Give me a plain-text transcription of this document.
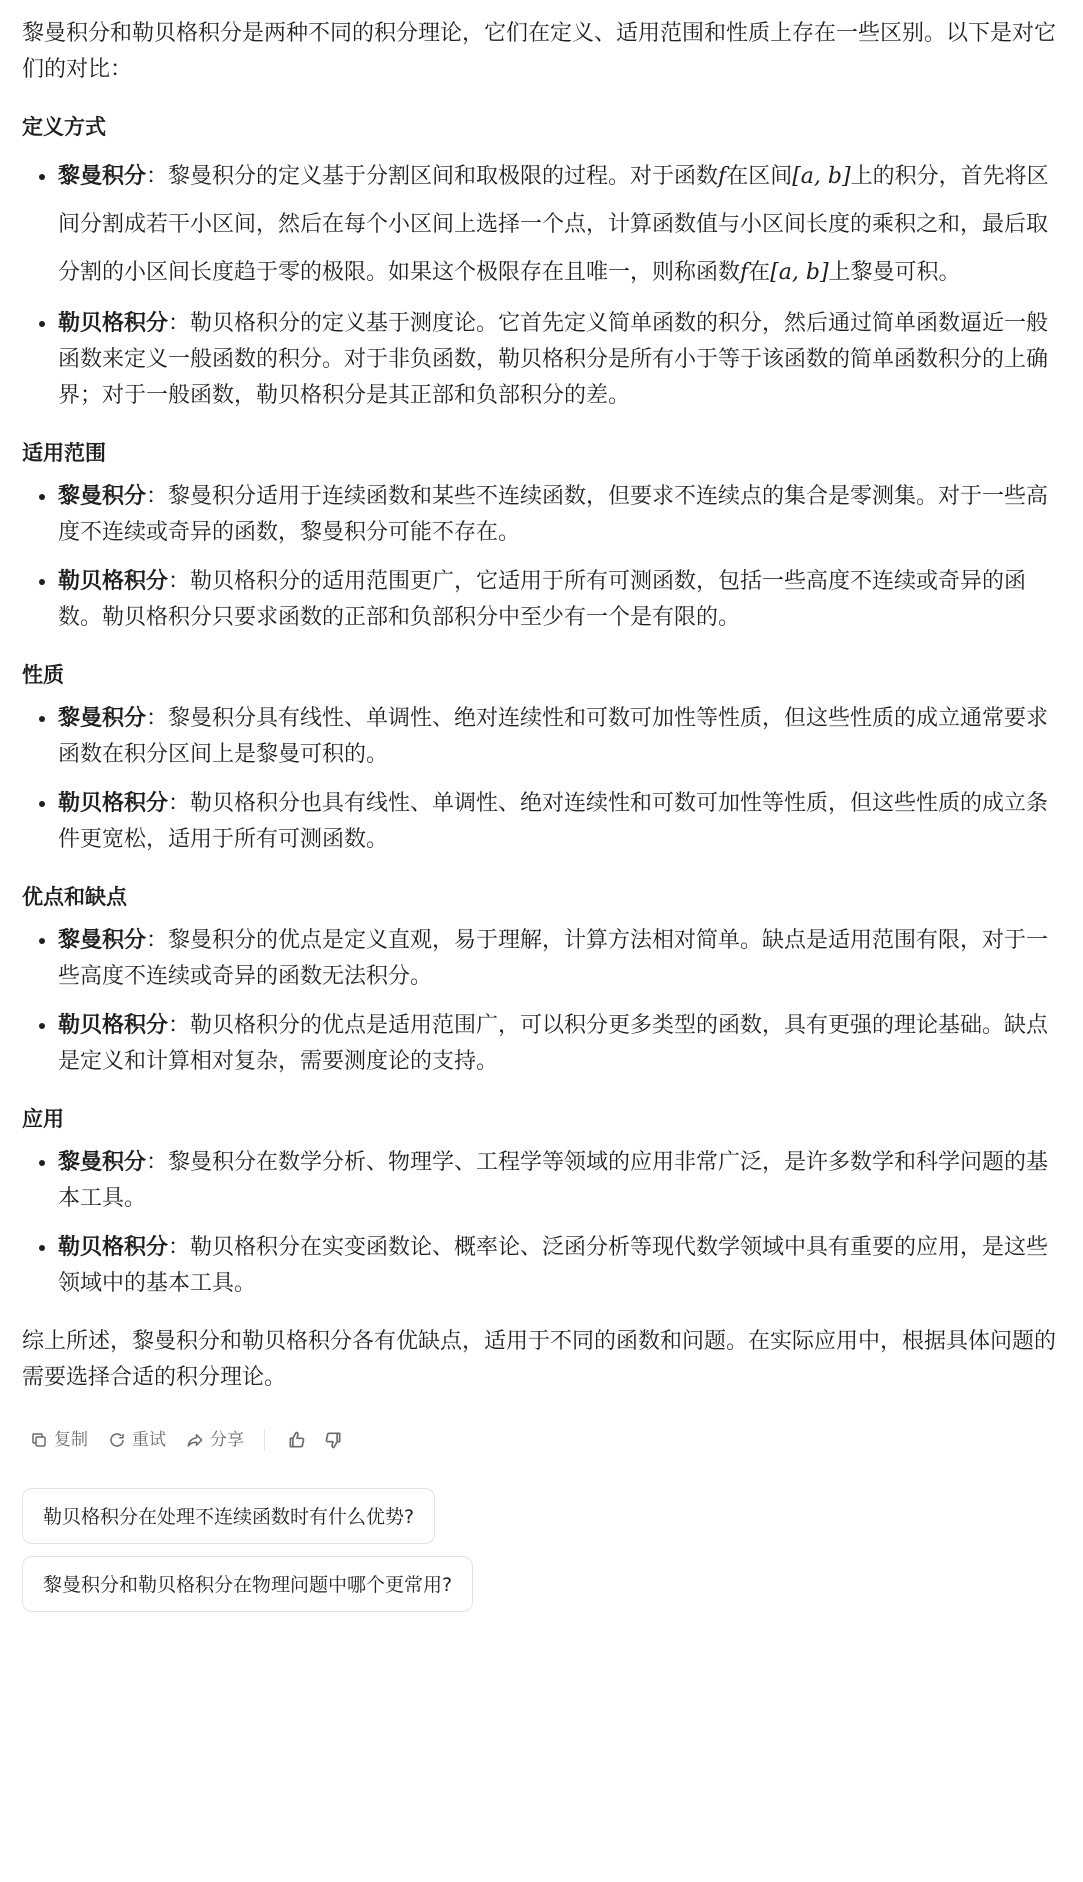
黎曼积分和勒贝格积分是两种不同的积分理论，它们在定义、适用范围和性质上存在一些区别。以下是对它们的对比：

定义方式
• 黎曼积分：黎曼积分的定义基于分割区间和取极限的过程。对于函数f在区间[a, b]上的积分，首先将区间分割成若干小区间，然后在每个小区间上选择一个点，计算函数值与小区间长度的乘积之和，最后取分割的小区间长度趋于零的极限。如果这个极限存在且唯一，则称函数f在[a, b]上黎曼可积。
• 勒贝格积分：勒贝格积分的定义基于测度论。它首先定义简单函数的积分，然后通过简单函数逼近一般函数来定义一般函数的积分。对于非负函数，勒贝格积分是所有小于等于该函数的简单函数积分的上确界；对于一般函数，勒贝格积分是其正部和负部积分的差。
适用范围
• 黎曼积分：黎曼积分适用于连续函数和某些不连续函数，但要求不连续点的集合是零测集。对于一些高度不连续或奇异的函数，黎曼积分可能不存在。
• 勒贝格积分：勒贝格积分的适用范围更广，它适用于所有可测函数，包括一些高度不连续或奇异的函数。勒贝格积分只要求函数的正部和负部积分中至少有一个是有限的。
性质
• 黎曼积分：黎曼积分具有线性、单调性、绝对连续性和可数可加性等性质，但这些性质的成立通常要求函数在积分区间上是黎曼可积的。
• 勒贝格积分：勒贝格积分也具有线性、单调性、绝对连续性和可数可加性等性质，但这些性质的成立条件更宽松，适用于所有可测函数。
优点和缺点
• 黎曼积分：黎曼积分的优点是定义直观，易于理解，计算方法相对简单。缺点是适用范围有限，对于一些高度不连续或奇异的函数无法积分。
• 勒贝格积分：勒贝格积分的优点是适用范围广，可以积分更多类型的函数，具有更强的理论基础。缺点是定义和计算相对复杂，需要测度论的支持。
应用
• 黎曼积分：黎曼积分在数学分析、物理学、工程学等领域的应用非常广泛，是许多数学和科学问题的基本工具。
• 勒贝格积分：勒贝格积分在实变函数论、概率论、泛函分析等现代数学领域中具有重要的应用，是这些领域中的基本工具。

综上所述，黎曼积分和勒贝格积分各有优缺点，适用于不同的函数和问题。在实际应用中，根据具体问题的需要选择合适的积分理论。

复制	重试	分享
勒贝格积分在处理不连续函数时有什么优势?
黎曼积分和勒贝格积分在物理问题中哪个更常用?
